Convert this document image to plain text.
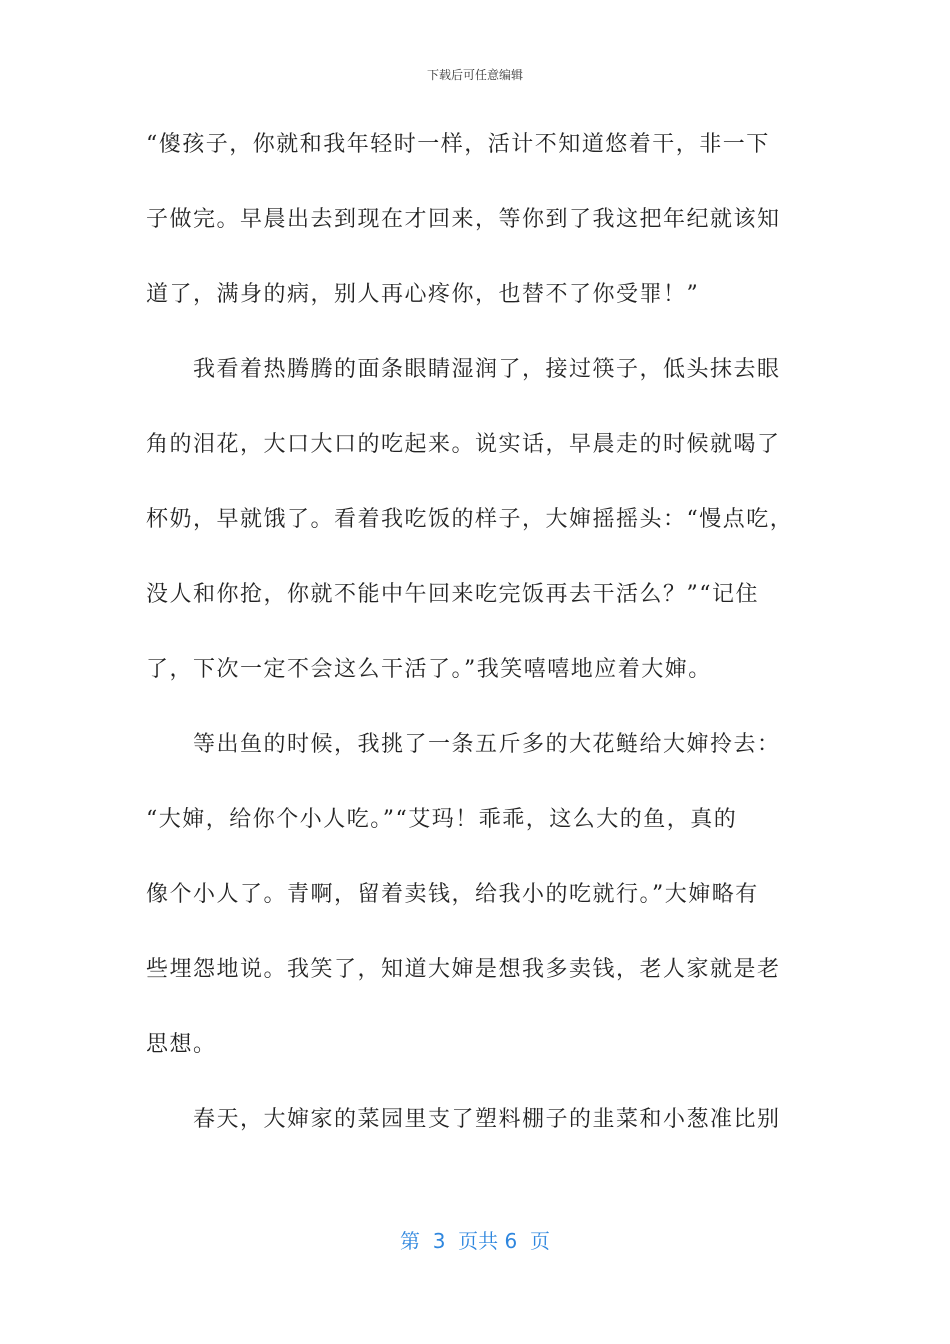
下载后可任意编辑
“傻孩子，你就和我年轻时一样，活计不知道悠着干，非一下
子做完。早晨出去到现在才回来，等你到了我这把年纪就该知
道了，满身的病，别人再心疼你，也替不了你受罪！”
我看着热腾腾的面条眼睛湿润了，接过筷子，低头抹去眼
角的泪花，大口大口的吃起来。说实话，早晨走的时候就喝了
杯奶，早就饿了。看着我吃饭的样子，大婶摇摇头：“慢点吃，
没人和你抢，你就不能中午回来吃完饭再去干活么？”“记住
了，下次一定不会这么干活了。”我笑嘻嘻地应着大婶。
等出鱼的时候，我挑了一条五斤多的大花鲢给大婶拎去：
“大婶，给你个小人吃。”“艾玛！乖乖，这么大的鱼，真的
像个小人了。青啊，留着卖钱，给我小的吃就行。”大婶略有
些埋怨地说。我笑了，知道大婶是想我多卖钱，老人家就是老
思想。
春天，大婶家的菜园里支了塑料棚子的韭菜和小葱准比别
第  3  页共 6  页
